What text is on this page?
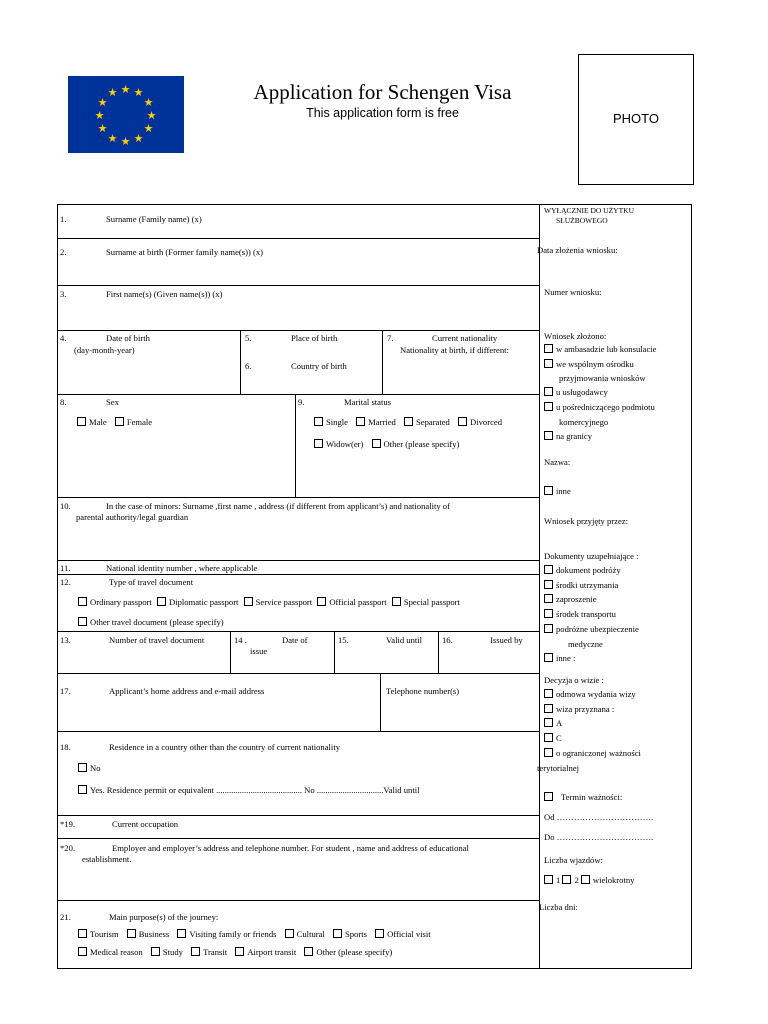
★ ★
★
★
★
★
★
★
★
★
★
★	Application for Schengen Visa
This application form is free	PHOTO
1.	Surname (Family name) (x)
2.	Surname at birth (Former family name(s)) (x)
3.	First name(s) (Given name(s)) (x)
4.	Date of birth
(day-month-year)
5.	Place of birth
6.	Country of birth
7.	Current nationality
Nationality at birth, if different:
8.	Sex
Male Female
9.	Marital status
Single Married Separated Divorced
Widow(er) Other (please specify)
10.	In the case of minors: Surname ,first name , address (if different from applicant’s) and nationality of
parental authority/legal guardian
11.	National identity number , where applicable
12.	Type of travel document
Ordinary passport Diplomatic passport Service passport Official passport Special passport
Other travel document (please specify)
13.	Number of travel document	14 .	Date of
issue
15.	Valid until 16.	Issued by
17.	Applicant’s home address and e-mail address	Telephone number(s)
18.	Residence in a country other than the country of current nationality
No
Yes. Residence permit or equivalent ........................................ No ...............................Valid until
*19.	Current occupation
*20.	Employer and employer’s address and telephone number. For student , name and address of educational
establishment.
21.	Main purpose(s) of the journey:
Tourism Business Visiting family or friends Cultural Sports Official visit
Medical reason Study Transit Airport transit Other (please specify)
WYŁĄCZNIE DO UŻYTKU
SŁUŻBOWEGO
Data złożenia wniosku:
Numer wniosku:
Wniosek złożono:
w ambasadzie lub konsulacie
we wspólnym ośrodku
przyjmowania wniosków
u usługodawcy
u pośredniczącego podmiotu
komercyjnego
na granicy
Nazwa:
inne
Wniosek przyjęty przez:
Dokumenty uzupełniające :
dokument podróży
środki utrzymania
zaproszenie
środek transportu
podróżne ubezpieczenie
medyczne
inne :
Decyzja o wizie :
odmowa wydania wizy
wiza przyznana :
A
C
o ograniczonej ważności
terytorialnej
Termin ważności:
Od …………………………….
Do …………………………….
Liczba wjazdów:
1 2 wielokrotny
Liczba dni:
